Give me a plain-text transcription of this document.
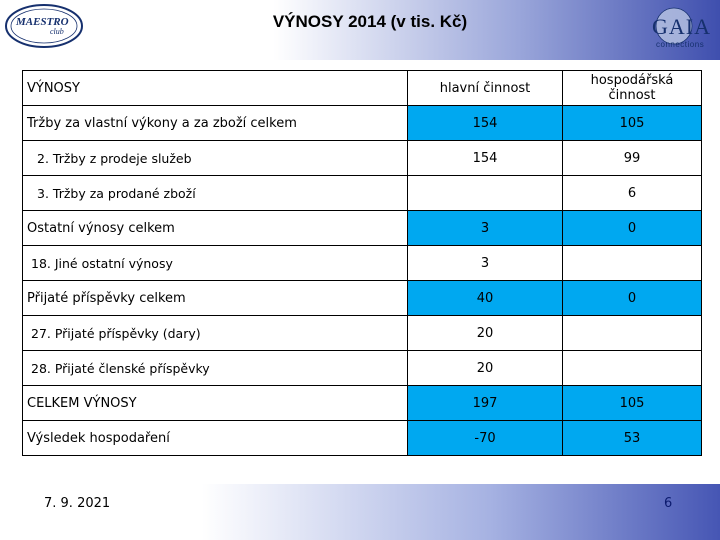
MAESTRO
club
VÝNOSY 2014 (v tis. Kč)	GAIA
connections
VÝNOSY	hlavní činnost	hospodářská činnost
Tržby za vlastní výkony a za zboží celkem	154	105
2. Tržby z prodeje služeb	154	99
3. Tržby za prodané zboží		6
Ostatní výnosy celkem	3	0
18. Jiné ostatní výnosy	3	
Přijaté příspěvky celkem	40	0
27. Přijaté příspěvky (dary)	20	
28. Přijaté členské příspěvky	20	
CELKEM VÝNOSY	197	105
Výsledek hospodaření	-70	53
7. 9. 2021	6
